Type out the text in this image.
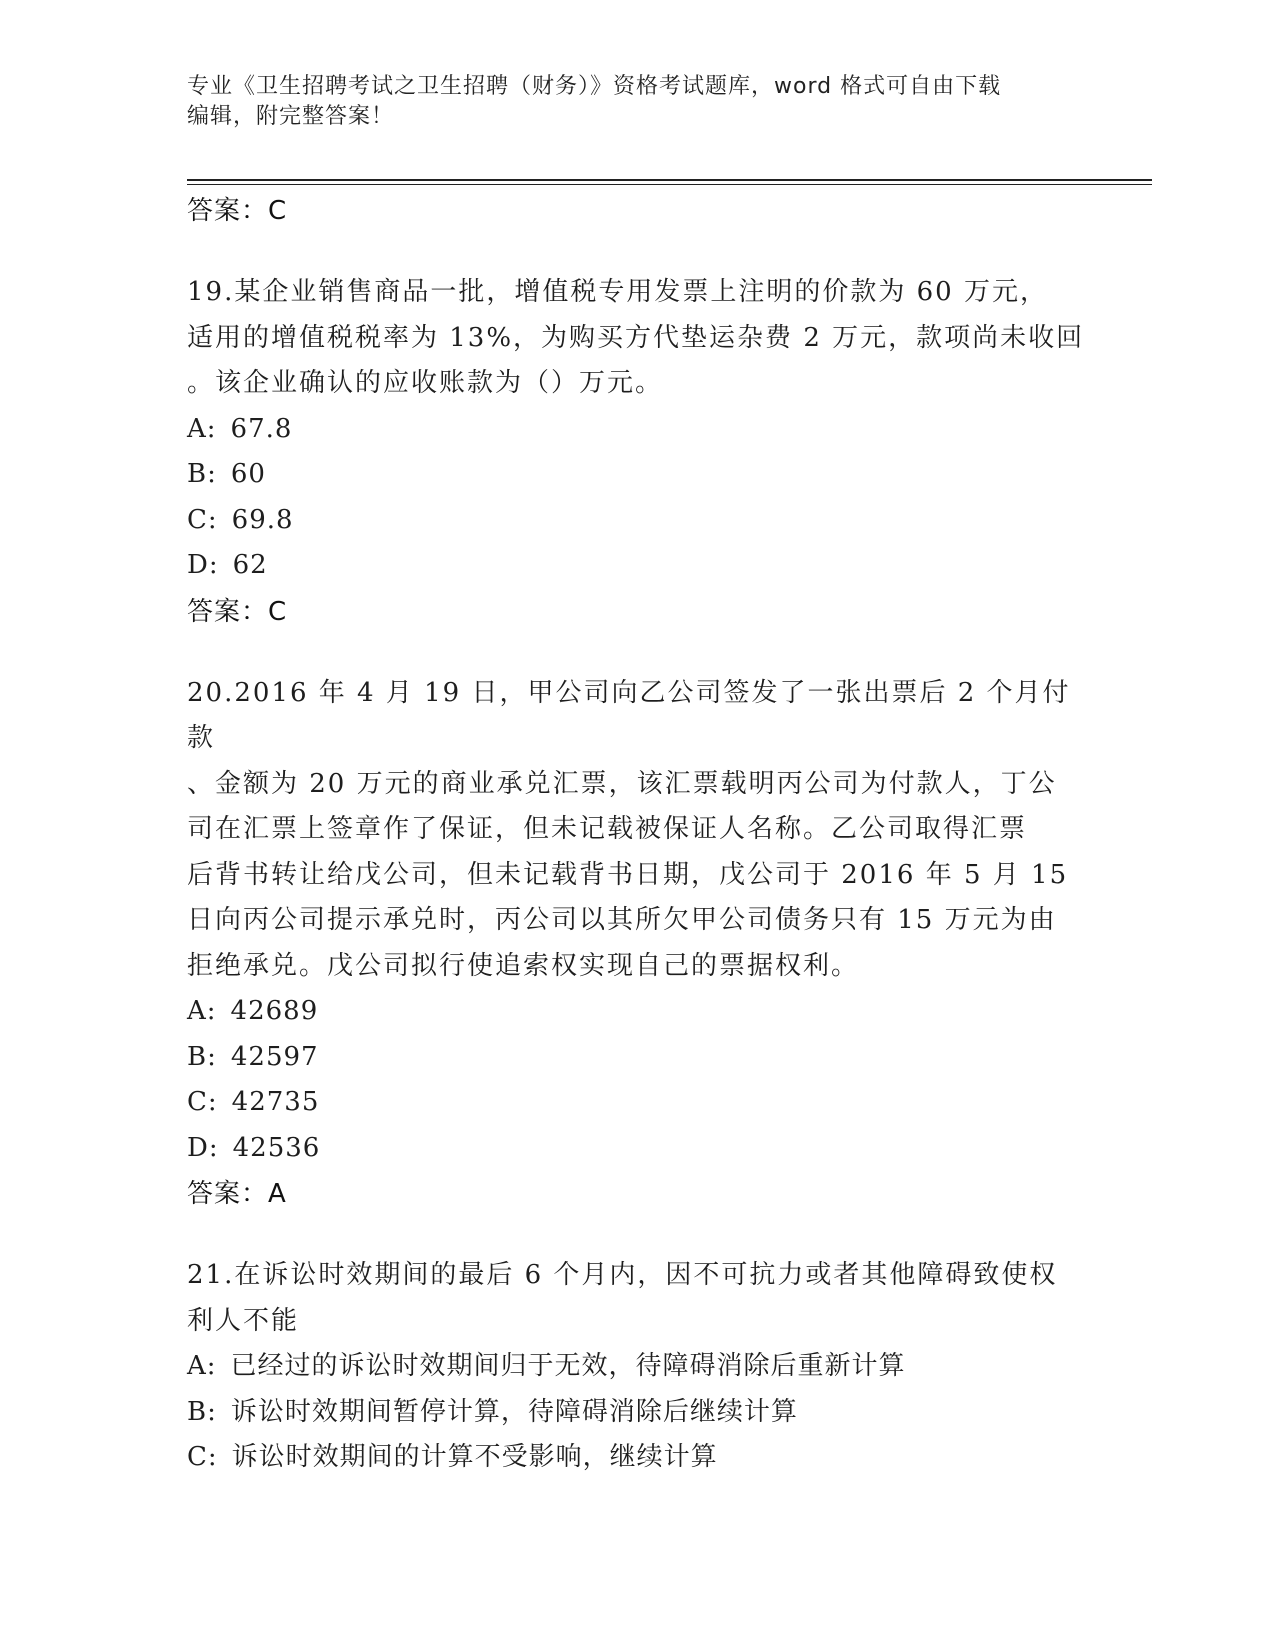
专业《卫生招聘考试之卫生招聘（财务）》资格考试题库，word 格式可自由下载
编辑，附完整答案！
答案：C
19.某企业销售商品一批，增值税专用发票上注明的价款为 60 万元，
适用的增值税税率为 13%，为购买方代垫运杂费 2 万元，款项尚未收回
。该企业确认的应收账款为（）万元。
A: 67.8
B: 60
C: 69.8
D: 62
答案：C
20.2016 年 4 月 19 日，甲公司向乙公司签发了一张出票后 2 个月付款
、金额为 20 万元的商业承兑汇票，该汇票载明丙公司为付款人，丁公
司在汇票上签章作了保证，但未记载被保证人名称。乙公司取得汇票
后背书转让给戊公司，但未记载背书日期，戊公司于 2016 年 5 月 15
日向丙公司提示承兑时，丙公司以其所欠甲公司债务只有 15 万元为由
拒绝承兑。戊公司拟行使追索权实现自己的票据权利。
A: 42689
B: 42597
C: 42735
D: 42536
答案：A
21.在诉讼时效期间的最后 6 个月内，因不可抗力或者其他障碍致使权
利人不能
A: 已经过的诉讼时效期间归于无效，待障碍消除后重新计算
B: 诉讼时效期间暂停计算，待障碍消除后继续计算
C: 诉讼时效期间的计算不受影响，继续计算
